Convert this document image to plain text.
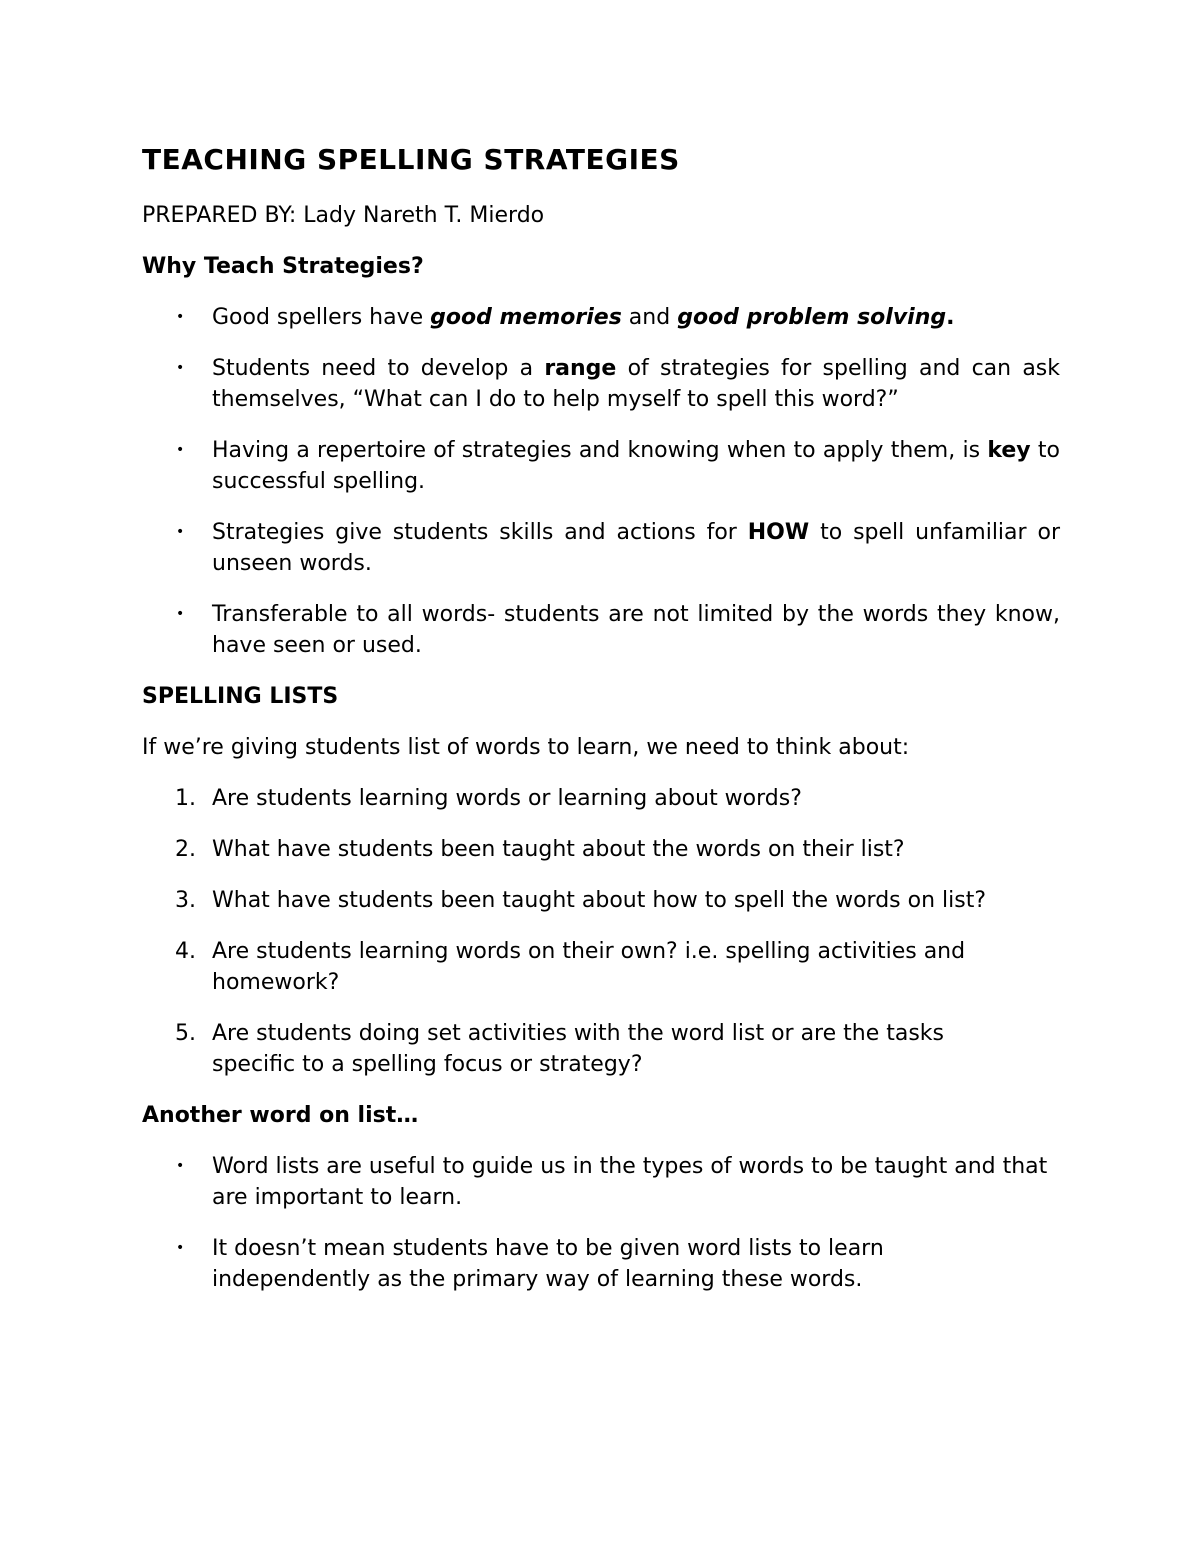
TEACHING SPELLING STRATEGIES
PREPARED BY: Lady Nareth T. Mierdo
Why Teach Strategies?
•	Good spellers have good memories and good problem solving.
•	Students need to develop a range of strategies for spelling and can ask themselves, “What can I do to help myself to spell this word?”
•	Having a repertoire of strategies and knowing when to apply them, is key to successful spelling.
•	Strategies give students skills and actions for HOW to spell unfamiliar or unseen words.
•	Transferable to all words- students are not limited by the words they know, have seen or used.
SPELLING LISTS
If we’re giving students list of words to learn, we need to think about:
1. Are students learning words or learning about words?
2. What have students been taught about the words on their list?
3. What have students been taught about how to spell the words on list?
4. Are students learning words on their own? i.e. spelling activities and homework?
5. Are students doing set activities with the word list or are the tasks specific to a spelling focus or strategy?
Another word on list…
•	Word lists are useful to guide us in the types of words to be taught and that are important to learn.
•	It doesn’t mean students have to be given word lists to learn independently as the primary way of learning these words.
